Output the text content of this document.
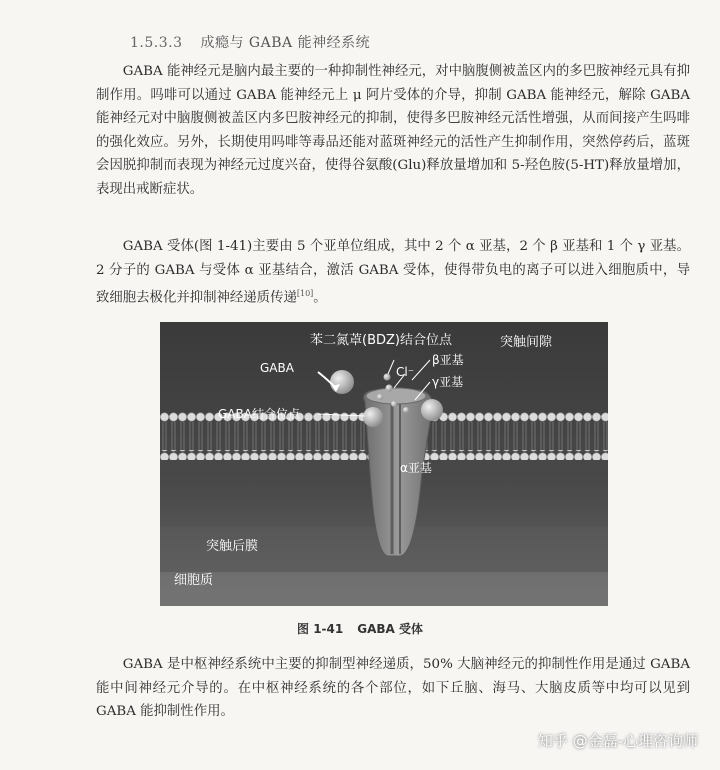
1.5.3.3 成瘾与 GABA 能神经系统

GABA 能神经元是脑内最主要的一种抑制性神经元，对中脑腹侧被盖区内的多巴胺神经元具有抑制作用。吗啡可以通过 GABA 能神经元上 μ 阿片受体的介导，抑制 GABA 能神经元，解除 GABA 能神经元对中脑腹侧被盖区内多巴胺神经元的抑制，使得多巴胺神经元活性增强，从而间接产生吗啡的强化效应。另外，长期使用吗啡等毒品还能对蓝斑神经元的活性产生抑制作用，突然停药后，蓝斑会因脱抑制而表现为神经元过度兴奋，使得谷氨酸(Glu)释放量增加和 5-羟色胺(5-HT)释放量增加，表现出戒断症状。

GABA 受体(图 1-41)主要由 5 个亚单位组成，其中 2 个 α 亚基，2 个 β 亚基和 1 个 γ 亚基。2 分子的 GABA 与受体 α 亚基结合，激活 GABA 受体，使得带负电的离子可以进入细胞质中，导致细胞去极化并抑制神经递质传递[10]。

苯二氮䓬(BDZ)结合位点	突触间隙
GABA	Cl⁻
β亚基
γ亚基
GABA结合位点
α亚基
突触后膜
细胞质
图 1-41 GABA 受体

GABA 是中枢神经系统中主要的抑制型神经递质，50% 大脑神经元的抑制性作用是通过 GABA 能中间神经元介导的。在中枢神经系统的各个部位，如下丘脑、海马、大脑皮质等中均可以见到 GABA 能抑制性作用。

知乎 @金磊-心理咨询师
